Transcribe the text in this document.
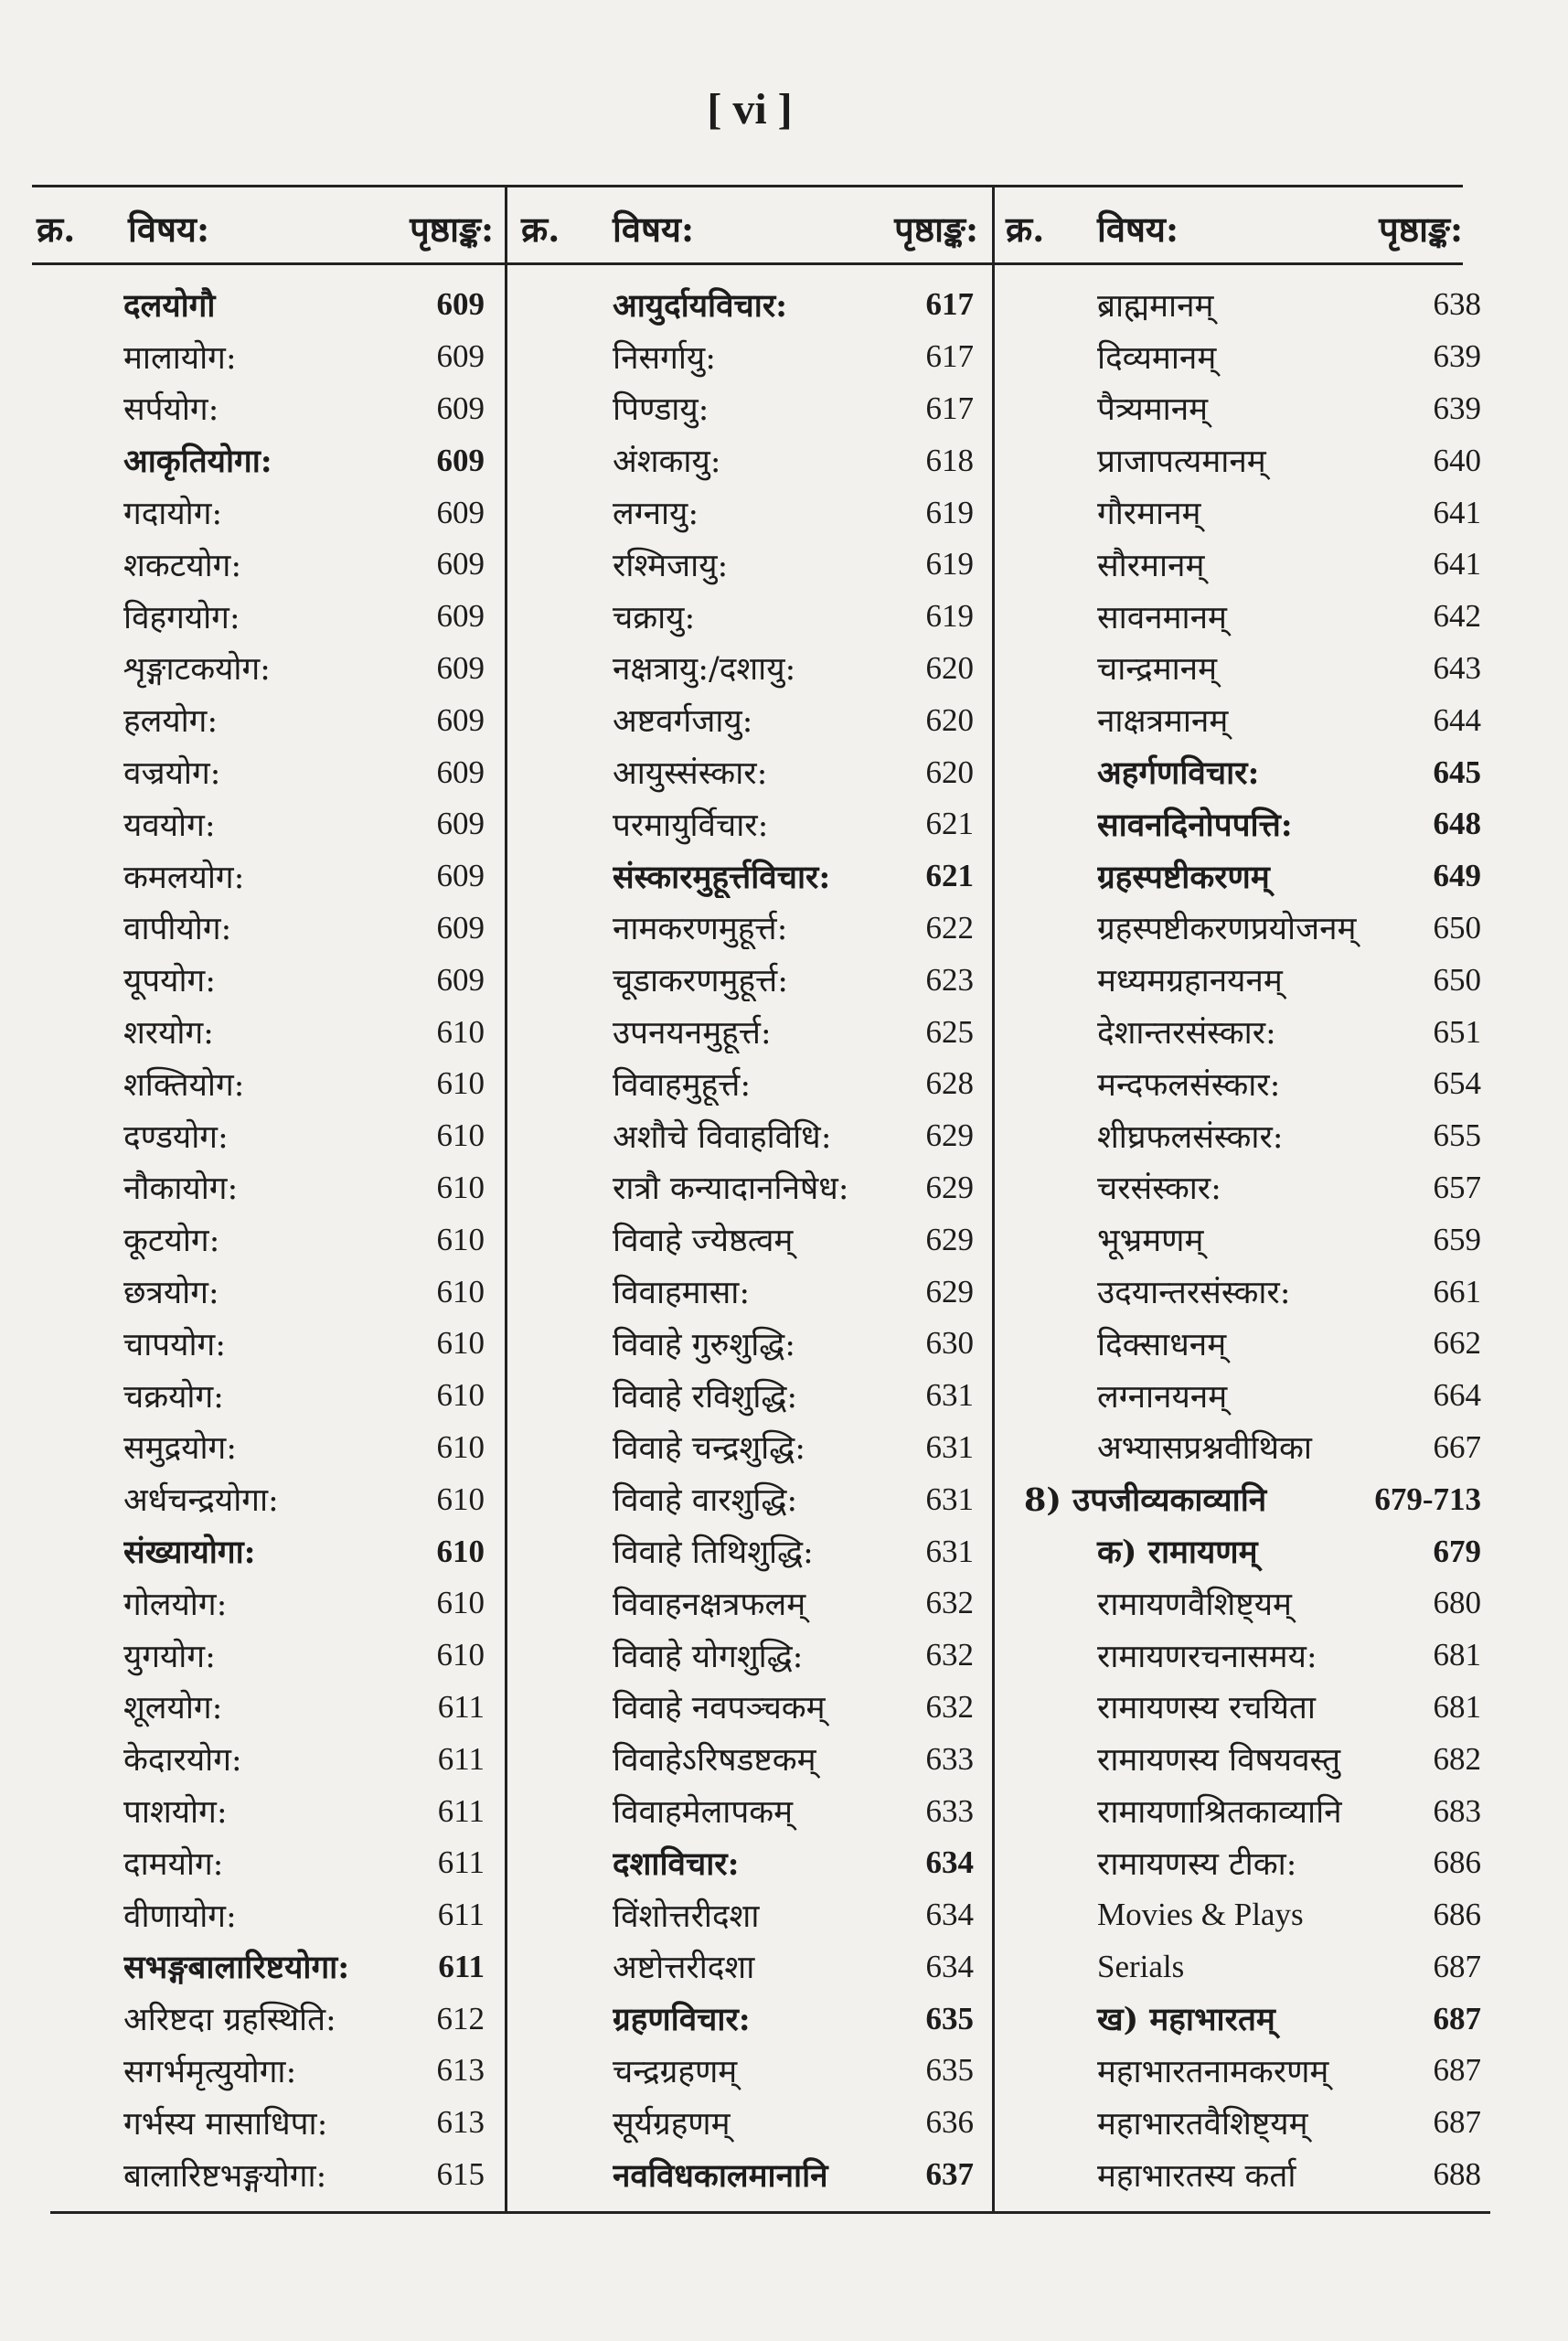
[ vi ]
क्र.	विषय:	पृष्ठाङ्क: क्र.	विषय:	पृष्ठाङ्क: क्र.	विषय:	पृष्ठाङ्क:
दलयोगौ	609
मालायोग:	609
सर्पयोग:	609
आकृतियोगा:	609
गदायोग:	609
शकटयोग:	609
विहगयोग:	609
शृङ्गाटकयोग:	609
हलयोग:	609
वज्रयोग:	609
यवयोग:	609
कमलयोग:	609
वापीयोग:	609
यूपयोग:	609
शरयोग:	610
शक्तियोग:	610
दण्डयोग:	610
नौकायोग:	610
कूटयोग:	610
छत्रयोग:	610
चापयोग:	610
चक्रयोग:	610
समुद्रयोग:	610
अर्धचन्द्रयोगा:	610
संख्यायोगा:	610
गोलयोग:	610
युगयोग:	610
शूलयोग:	611
केदारयोग:	611
पाशयोग:	611
दामयोग:	611
वीणायोग:	611
सभङ्गबालारिष्टयोगा:	611
अरिष्टदा ग्रहस्थिति:	612
सगर्भमृत्युयोगा:	613
गर्भस्य मासाधिपा:	613
बालारिष्टभङ्गयोगा:	615
आयुर्दायविचार:	617
निसर्गायु:	617
पिण्डायु:	617
अंशकायु:	618
लग्नायु:	619
रश्मिजायु:	619
चक्रायु:	619
नक्षत्रायु:/दशायु:	620
अष्टवर्गजायु:	620
आयुस्संस्कार:	620
परमायुर्विचार:	621
संस्कारमुहूर्त्तविचार:	621
नामकरणमुहूर्त्त:	622
चूडाकरणमुहूर्त्त:	623
उपनयनमुहूर्त्त:	625
विवाहमुहूर्त्त:	628
अशौचे विवाहविधि:	629
रात्रौ कन्यादाननिषेध:	629
विवाहे ज्येष्ठत्वम्	629
विवाहमासा:	629
विवाहे गुरुशुद्धि:	630
विवाहे रविशुद्धि:	631
विवाहे चन्द्रशुद्धि:	631
विवाहे वारशुद्धि:	631
विवाहे तिथिशुद्धि:	631
विवाहनक्षत्रफलम्	632
विवाहे योगशुद्धि:	632
विवाहे नवपञ्चकम्	632
विवाहेऽरिषडष्टकम्	633
विवाहमेलापकम्	633
दशाविचार:	634
विंशोत्तरीदशा	634
अष्टोत्तरीदशा	634
ग्रहणविचार:	635
चन्द्रग्रहणम्	635
सूर्यग्रहणम्	636
नवविधकालमानानि	637
ब्राह्ममानम्	638
दिव्यमानम्	639
पैत्र्यमानम्	639
प्राजापत्यमानम्	640
गौरमानम्	641
सौरमानम्	641
सावनमानम्	642
चान्द्रमानम्	643
नाक्षत्रमानम्	644
अहर्गणविचार:	645
सावनदिनोपपत्ति:	648
ग्रहस्पष्टीकरणम्	649
ग्रहस्पष्टीकरणप्रयोजनम्	650
मध्यमग्रहानयनम्	650
देशान्तरसंस्कार:	651
मन्दफलसंस्कार:	654
शीघ्रफलसंस्कार:	655
चरसंस्कार:	657
भूभ्रमणम्	659
उदयान्तरसंस्कार:	661
दिक्साधनम्	662
लग्नानयनम्	664
अभ्यासप्रश्नवीथिका	667
8) उपजीव्यकाव्यानि	679-713
क) रामायणम्	679
रामायणवैशिष्ट्यम्	680
रामायणरचनासमय:	681
रामायणस्य रचयिता	681
रामायणस्य विषयवस्तु	682
रामायणाश्रितकाव्यानि	683
रामायणस्य टीका:	686
Movies & Plays	686
Serials	687
ख) महाभारतम्	687
महाभारतनामकरणम्	687
महाभारतवैशिष्ट्यम्	687
महाभारतस्य कर्ता	688
